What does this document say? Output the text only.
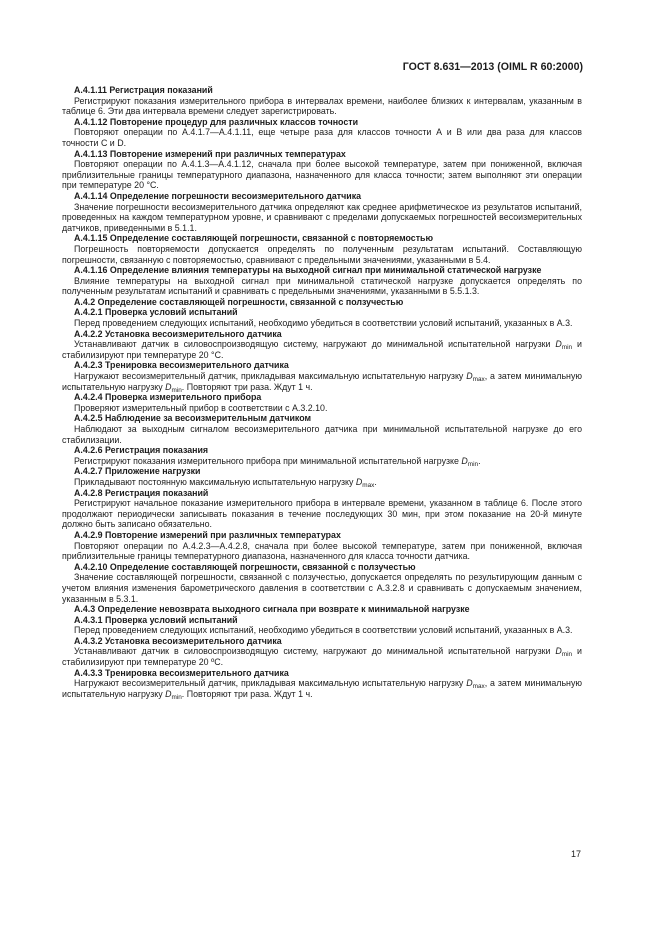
ГОСТ 8.631—2013 (OIML R 60:2000)

А.4.1.11 Регистрация показаний

Регистрируют показания измерительного прибора в интервалах времени, наиболее близких к интервалам, указанным в таблице 6. Эти два интервала времени следует зарегистрировать.

А.4.1.12 Повторение процедур для различных классов точности

Повторяют операции по А.4.1.7—А.4.1.11, еще четыре раза для классов точности А и В или два раза для классов точности С и D.

А.4.1.13 Повторение измерений при различных температурах

Повторяют операции по А.4.1.3—А.4.1.12, сначала при более высокой температуре, затем при пониженной, включая приблизительные границы температурного диапазона, назначенного для класса точности; затем выполняют эти операции при температуре 20 °С.

А.4.1.14 Определение погрешности весоизмерительного датчика

Значение погрешности весоизмерительного датчика определяют как среднее арифметическое из результатов испытаний, проведенных на каждом температурном уровне, и сравнивают с пределами допускаемых погрешностей весоизмерительных датчиков, приведенными в 5.1.1.

А.4.1.15 Определение составляющей погрешности, связанной с повторяемостью

Погрешность повторяемости допускается определять по полученным результатам испытаний. Составляющую погрешности, связанную с повторяемостью, сравнивают с предельными значениями, указанными в 5.4.

А.4.1.16 Определение влияния температуры на выходной сигнал при минимальной статической нагрузке

Влияние температуры на выходной сигнал при минимальной статической нагрузке допускается определять по полученным результатам испытаний и сравнивать с предельными значениями, указанными в 5.5.1.3.

А.4.2 Определение составляющей погрешности, связанной с ползучестью

А.4.2.1 Проверка условий испытаний

Перед проведением следующих испытаний, необходимо убедиться в соответствии условий испытаний, указанных в А.3.

А.4.2.2 Установка весоизмерительного датчика

Устанавливают датчик в силовоспроизводящую систему, нагружают до минимальной испытательной нагрузки $D_{min}$ и стабилизируют при температуре 20 °С.

А.4.2.3 Тренировка весоизмерительного датчика

Нагружают весоизмерительный датчик, прикладывая максимальную испытательную нагрузку $D_{max}$, а затем минимальную испытательную нагрузку $D_{min}$. Повторяют три раза. Ждут 1 ч.

А.4.2.4 Проверка измерительного прибора

Проверяют измерительный прибор в соответствии с А.3.2.10.

А.4.2.5 Наблюдение за весоизмерительным датчиком

Наблюдают за выходным сигналом весоизмерительного датчика при минимальной испытательной нагрузке до его стабилизации.

А.4.2.6 Регистрация показания

Регистрируют показания измерительного прибора при минимальной испытательной нагрузке $D_{min}$.

А.4.2.7 Приложение нагрузки

Прикладывают постоянную максимальную испытательную нагрузку $D_{max}$.

А.4.2.8 Регистрация показаний

Регистрируют начальное показание измерительного прибора в интервале времени, указанном в таблице 6. После этого продолжают периодически записывать показания в течение последующих 30 мин, при этом показание на 20-й минуте должно быть записано обязательно.

А.4.2.9 Повторение измерений при различных температурах

Повторяют операции по А.4.2.3—А.4.2.8, сначала при более высокой температуре, затем при пониженной, включая приблизительные границы температурного диапазона, назначенного для класса точности датчика.

А.4.2.10 Определение составляющей погрешности, связанной с ползучестью

Значение составляющей погрешности, связанной с ползучестью, допускается определять по результирующим данным с учетом влияния изменения барометрического давления в соответствии с А.3.2.8 и сравнивать с допускаемым значением, указанным в 5.3.1.

А.4.3 Определение невозврата выходного сигнала при возврате к минимальной нагрузке

А.4.3.1 Проверка условий испытаний

Перед проведением следующих испытаний, необходимо убедиться в соответствии условий испытаний, указанных в А.3.

А.4.3.2 Установка весоизмерительного датчика

Устанавливают датчик в силовоспроизводящую систему, нагружают до минимальной испытательной нагрузки $D_{min}$ и стабилизируют при температуре 20 ºС.

А.4.3.3 Тренировка весоизмерительного датчика

Нагружают весоизмерительный датчик, прикладывая максимальную испытательную нагрузку $D_{max}$, а затем минимальную испытательную нагрузку $D_{min}$. Повторяют три раза. Ждут 1 ч.

17
